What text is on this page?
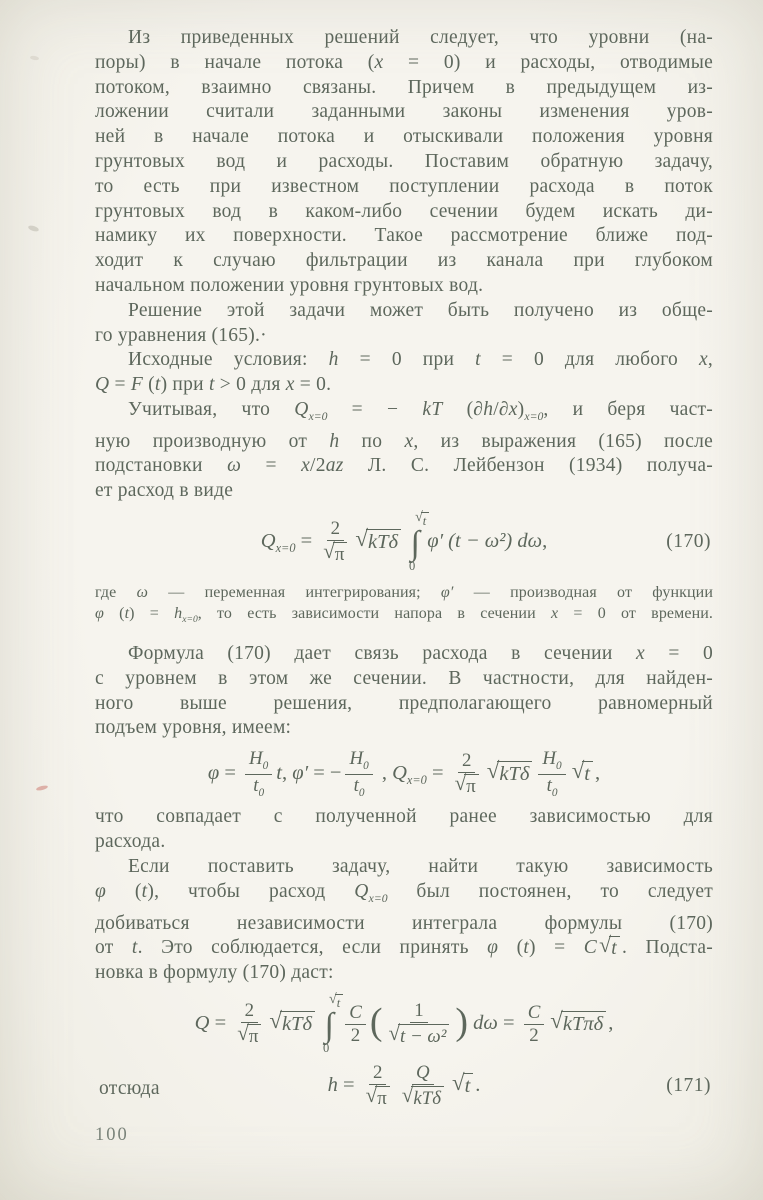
Из приведенных решений следует, что уровни (на-
поры) в начале потока (x = 0) и расходы, отводимые
потоком, взаимно связаны. Причем в предыдущем из-
ложении считали заданными законы изменения уров-
ней в начале потока и отыскивали положения уровня
грунтовых вод и расходы. Поставим обратную задачу,
то есть при известном поступлении расхода в поток
грунтовых вод в каком-либо сечении будем искать ди-
намику их поверхности. Такое рассмотрение ближе под-
ходит к случаю фильтрации из канала при глубоком
начальном положении уровня грунтовых вод.
Решение этой задачи может быть получено из обще-
го уравнения (165).·
Исходные условия: h = 0 при t = 0 для любого x,
Q = F (t) при t > 0 для x = 0.
Учитывая, что $Q_{x=0}$ = − kT $(\partial h/\partial x)_{x=0}$, и беря част-
ную производную от h по x, из выражения (165) после
подстановки ω = x/2az Л. С. Лейбензон (1934) получа-
ет расход в виде
$Q_{x=0} = \frac{2}{√ \pi}$ √ kTδ
√ t
∫
0
φ′ (t − ω²) dω,	(170)
где ω — переменная интегрирования; φ′ — производная от функции
φ $(t) = h_{x=0}$, то есть зависимости напора в сечении x = 0 от времени.
Формула (170) дает связь расхода в сечении x = 0
с уровнем в этом же сечении. В частности, для найден-
ного выше решения, предполагающего равномерный
подъем уровня, имеем:
$\varphi = \frac{H_0}{t_0} t$, φ′ = − $\frac{H_0}{t_0}$ , $Q_{x=0} = \frac{2}{√ \pi}$ √ kTδ $\frac{H_0}{t_0}$ √ t ,
что совпадает с полученной ранее зависимостью для
расхода.
Если поставить задачу, найти такую зависимость
φ (t), чтобы расход $Q_{x=0}$ был постоянен, то следует
добиваться независимости интеграла формулы (170)
от t. Это соблюдается, если принять φ (t) = C √ t . Подста-
новка в формулу (170) даст:
$Q = \frac{2}{√ \pi}$ √ kTδ
√ t
∫
0
$\frac{C}{2}$ ( $\frac{1}{\text{√ t − ω²}}$ ) $d\omega = \frac{C}{2}$ √ kTπδ ,
отсюда	$h = \frac{2}{√ \pi} \frac{Q}{\text{√ kTδ}}$ √ t .	(171)
100
